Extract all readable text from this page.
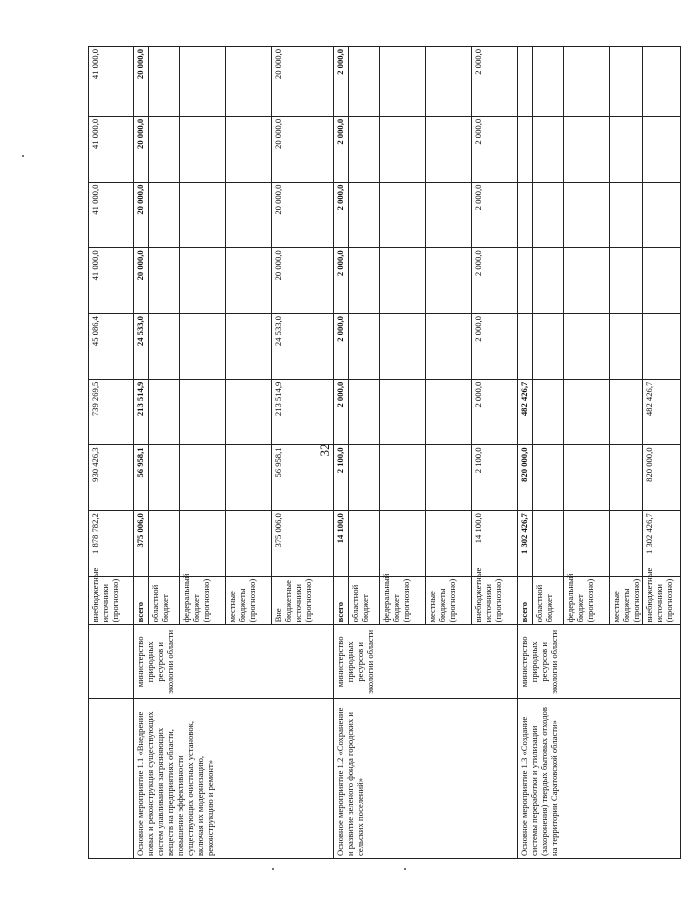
32
		внебюджетные источники (прогнозно)	1 878 782,2	930 426,3	739 269,5	45 086,4	41 000,0	41 000,0	41 000,0	41 000,0
Основное мероприятие 1.1 «Внедрение новых и реконструкция существующих систем улавливания загрязняющих веществ на предприятиях области, повышение эффективности существующих очистных установок, включая их модернизацию, реконструкцию и ремонт»	министерство природных ресурсов и экологии области	всего	375 006,0	56 958,1	213 514,9	24 533,0	20 000,0	20 000,0	20 000,0	20 000,0
		областной бюджет								
		федеральный бюджет (прогнозно)								
		местные бюджеты (прогнозно)								
		Вне бюджетные источники (прогнозно)	375 006,0	56 958,1	213 514,9	24 533,0	20 000,0	20 000,0	20 000,0	20 000,0
Основное мероприятие 1.2 «Сохранение и развитие зеленого фонда городских и сельских поселений»	министерство природных ресурсов и экологии области	всего	14 100,0	2 100,0	2 000,0	2 000,0	2 000,0	2 000,0	2 000,0	2 000,0
		областной бюджет								
		федеральный бюджет (прогнозно)								
		местные бюджеты (прогнозно)								
		внебюджетные источники (прогнозно)	14 100,0	2 100,0	2 000,0	2 000,0	2 000,0	2 000,0	2 000,0	2 000,0
Основное мероприятие 1.3 «Создание системы переработки и утилизации (захоронения) твердых бытовых отходов на территории Саратовской области»	министерство природных ресурсов и экологии области	всего	1 302 426,7	820 000,0	482 426,7					
		областной бюджет								
		федеральный бюджет (прогнозно)								
		местные бюджеты (прогнозно)								
		внебюджетные источники (прогнозно)	1 302 426,7	820 000,0	482 426,7					
